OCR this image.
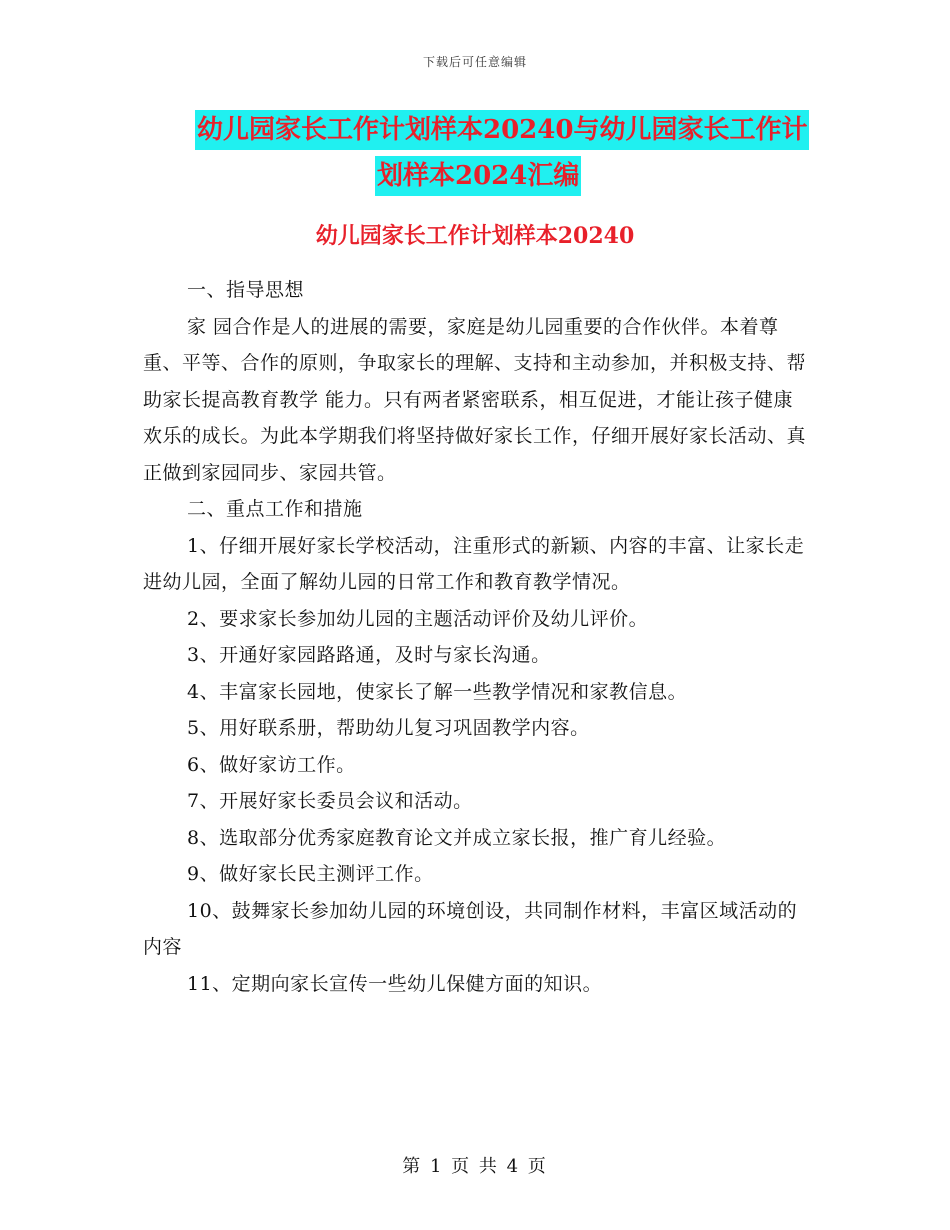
下载后可任意编辑
幼儿园家长工作计划样本20240与幼儿园家长工作计
划样本2024汇编
幼儿园家长工作计划样本20240

一、指导思想

家 园合作是人的进展的需要，家庭是幼儿园重要的合作伙伴。本着尊重、平等、合作的原则，争取家长的理解、支持和主动参加，并积极支持、帮助家长提高教育教学 能力。只有两者紧密联系，相互促进，才能让孩子健康欢乐的成长。为此本学期我们将坚持做好家长工作，仔细开展好家长活动、真正做到家园同步、家园共管。

二、重点工作和措施

1、仔细开展好家长学校活动，注重形式的新颖、内容的丰富、让家长走进幼儿园，全面了解幼儿园的日常工作和教育教学情况。

2、要求家长参加幼儿园的主题活动评价及幼儿评价。

3、开通好家园路路通，及时与家长沟通。

4、丰富家长园地，使家长了解一些教学情况和家教信息。

5、用好联系册，帮助幼儿复习巩固教学内容。

6、做好家访工作。

7、开展好家长委员会议和活动。

8、选取部分优秀家庭教育论文并成立家长报，推广育儿经验。

9、做好家长民主测评工作。

10、鼓舞家长参加幼儿园的环境创设，共同制作材料，丰富区域活动的内容

11、定期向家长宣传一些幼儿保健方面的知识。

第 1 页 共 4 页
